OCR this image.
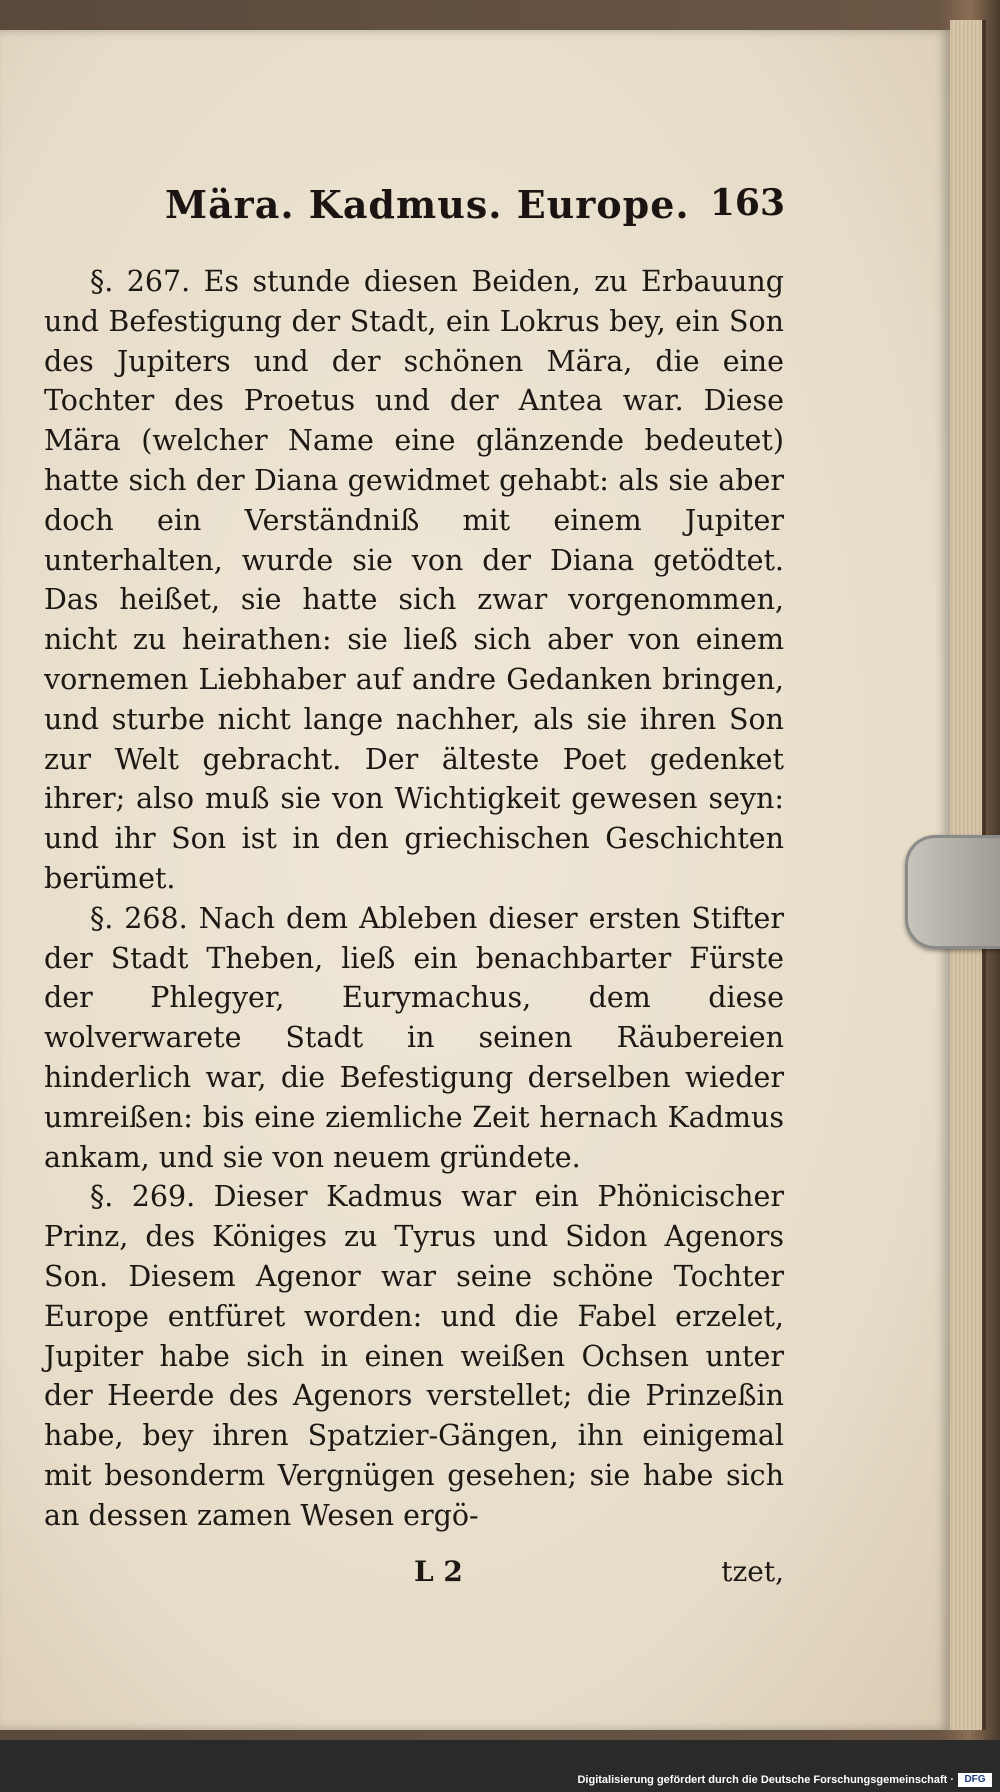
Mära. Kadmus. Europe. 163

§. 267. Es stunde diesen Beiden, zu Erbauung und Befestigung der Stadt, ein Lokrus bey, ein Son des Jupiters und der schönen Mära, die eine Tochter des Proetus und der Antea war. Diese Mära (welcher Name eine glänzende bedeutet) hatte sich der Diana gewidmet gehabt: als sie aber doch ein Verständniß mit einem Jupiter unterhalten, wurde sie von der Diana getödtet. Das heißet, sie hatte sich zwar vorgenommen, nicht zu heirathen: sie ließ sich aber von einem vornemen Liebhaber auf andre Gedanken bringen, und sturbe nicht lange nachher, als sie ihren Son zur Welt gebracht. Der älteste Poet gedenket ihrer; also muß sie von Wichtigkeit gewesen seyn: und ihr Son ist in den griechischen Geschichten berümet.

§. 268. Nach dem Ableben dieser ersten Stifter der Stadt Theben, ließ ein benachbarter Fürste der Phlegyer, Eurymachus, dem diese wolverwarete Stadt in seinen Räubereien hinderlich war, die Befestigung derselben wieder umreißen: bis eine ziemliche Zeit hernach Kadmus ankam, und sie von neuem gründete.

§. 269. Dieser Kadmus war ein Phönicischer Prinz, des Königes zu Tyrus und Sidon Agenors Son. Diesem Agenor war seine schöne Tochter Europe entfüret worden: und die Fabel erzelet, Jupiter habe sich in einen weißen Ochsen unter der Heerde des Agenors verstellet; die Prinzeßin habe, bey ihren Spatzier-Gängen, ihn einigemal mit besonderm Vergnügen gesehen; sie habe sich an dessen zamen Wesen ergö-

L 2	tzet,
Digitalisierung gefördert durch die Deutsche Forschungsgemeinschaft ·	DFG
